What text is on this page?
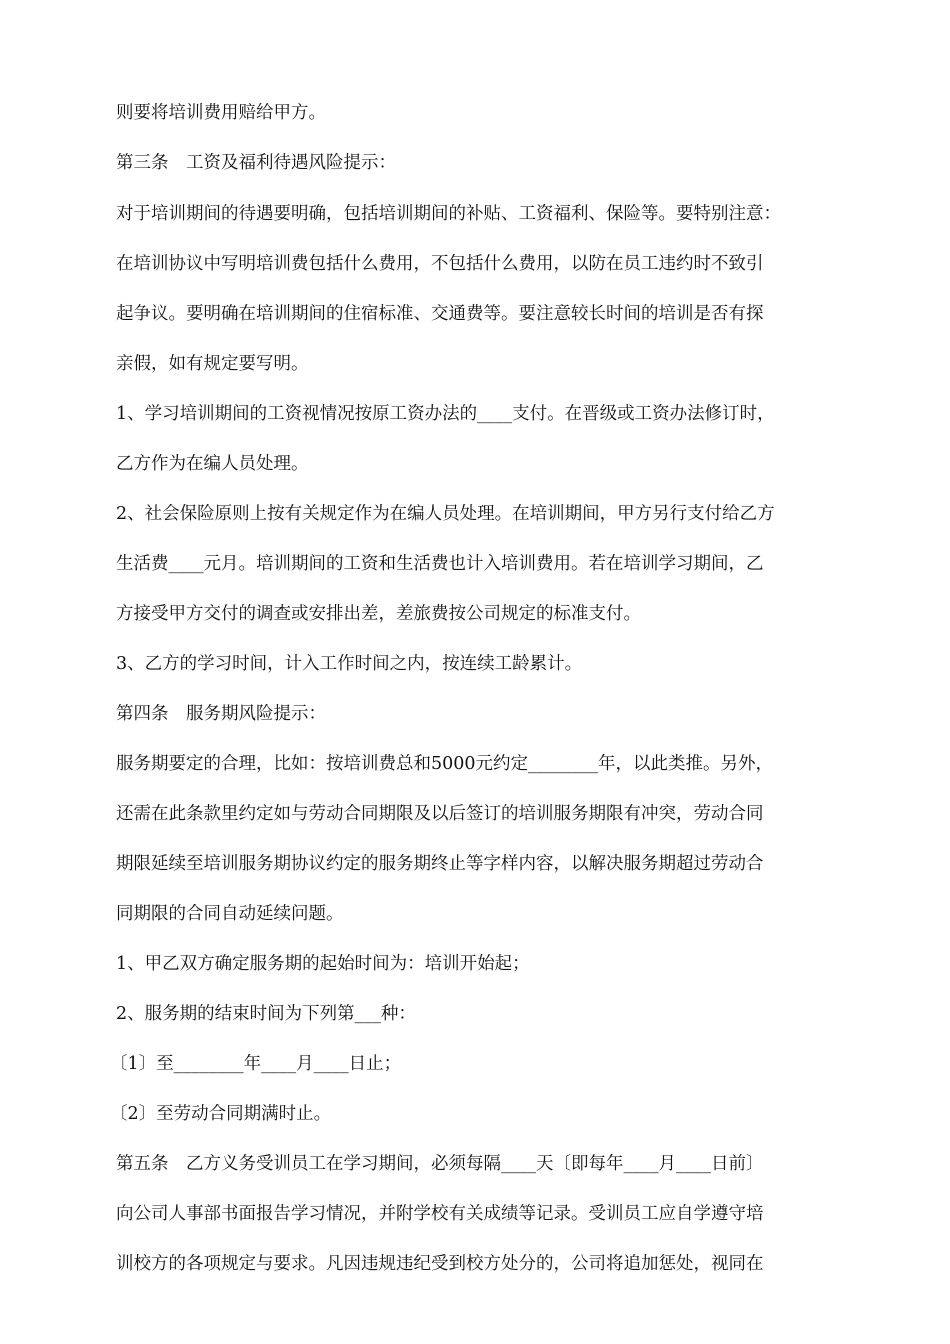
则要将培训费用赔给甲方。
第三条　工资及福利待遇风险提示：
对于培训期间的待遇要明确，包括培训期间的补贴、工资福利、保险等。要特别注意：
在培训协议中写明培训费包括什么费用，不包括什么费用，以防在员工违约时不致引
起争议。要明确在培训期间的住宿标准、交通费等。要注意较长时间的培训是否有探
亲假，如有规定要写明。
1、学习培训期间的工资视情况按原工资办法的____支付。在晋级或工资办法修订时，
乙方作为在编人员处理。
2、社会保险原则上按有关规定作为在编人员处理。在培训期间，甲方另行支付给乙方
生活费____元月。培训期间的工资和生活费也计入培训费用。若在培训学习期间，乙
方接受甲方交付的调查或安排出差，差旅费按公司规定的标准支付。
3、乙方的学习时间，计入工作时间之内，按连续工龄累计。
第四条　服务期风险提示：
服务期要定的合理，比如：按培训费总和5000元约定________年，以此类推。另外，
还需在此条款里约定如与劳动合同期限及以后签订的培训服务期限有冲突，劳动合同
期限延续至培训服务期协议约定的服务期终止等字样内容，以解决服务期超过劳动合
同期限的合同自动延续问题。
1、甲乙双方确定服务期的起始时间为：培训开始起；
2、服务期的结束时间为下列第___种：
〔1〕至________年____月____日止；
〔2〕至劳动合同期满时止。
第五条　乙方义务受训员工在学习期间，必须每隔____天〔即每年____月____日前〕
向公司人事部书面报告学习情况，并附学校有关成绩等记录。受训员工应自学遵守培
训校方的各项规定与要求。凡因违规违纪受到校方处分的，公司将追加惩处，视同在
